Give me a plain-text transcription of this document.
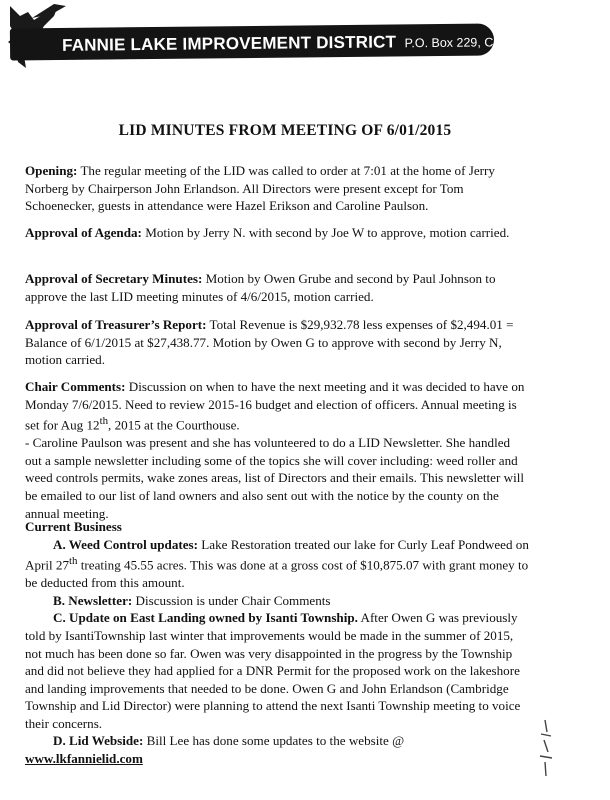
FANNIE LAKE IMPROVEMENT DISTRICT P.O. Box 229, Cambridge, MN 55008
LID MINUTES FROM MEETING OF 6/01/2015

Opening: The regular meeting of the LID was called to order at 7:01 at the home of Jerry Norberg by Chairperson John Erlandson. All Directors were present except for Tom Schoenecker, guests in attendance were Hazel Erikson and Caroline Paulson.

Approval of Agenda: Motion by Jerry N. with second by Joe W to approve, motion carried.

Approval of Secretary Minutes: Motion by Owen Grube and second by Paul Johnson to approve the last LID meeting minutes of 4/6/2015, motion carried.

Approval of Treasurer’s Report: Total Revenue is $29,932.78 less expenses of $2,494.01 = Balance of 6/1/2015 at $27,438.77. Motion by Owen G to approve with second by Jerry N, motion carried.

Chair Comments: Discussion on when to have the next meeting and it was decided to have on Monday 7/6/2015. Need to review 2015-16 budget and election of officers. Annual meeting is set for Aug 12th, 2015 at the Courthouse.
- Caroline Paulson was present and she has volunteered to do a LID Newsletter. She handled out a sample newsletter including some of the topics she will cover including: weed roller and weed controls permits, wake zones areas, list of Directors and their emails. This newsletter will be emailed to our list of land owners and also sent out with the notice by the county on the annual meeting.

Current Business
A. Weed Control updates: Lake Restoration treated our lake for Curly Leaf Pondweed on April 27th treating 45.55 acres. This was done at a gross cost of $10,875.07 with grant money to be deducted from this amount.
B. Newsletter: Discussion is under Chair Comments
C. Update on East Landing owned by Isanti Township. After Owen G was previously told by IsantiTownship last winter that improvements would be made in the summer of 2015, not much has been done so far. Owen was very disappointed in the progress by the Township and did not believe they had applied for a DNR Permit for the proposed work on the lakeshore and landing improvements that needed to be done. Owen G and John Erlandson (Cambridge Township and Lid Director) were planning to attend the next Isanti Township meeting to voice their concerns.
D. Lid Webside: Bill Lee has done some updates to the website @
www.lkfannielid.com
